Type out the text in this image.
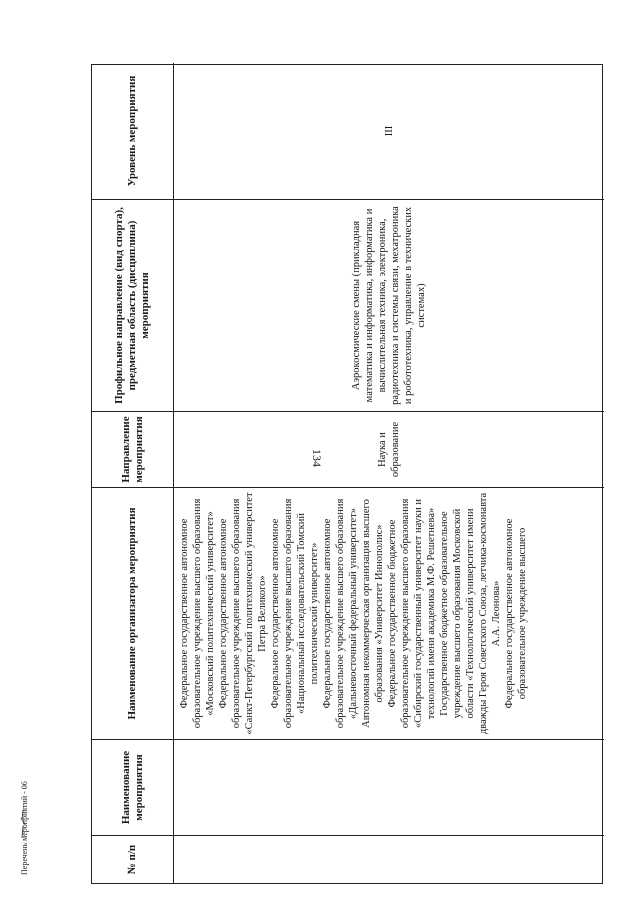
134
№ п/п
Наименование мероприятия
Наименование организатора мероприятия
Направление мероприятия
Профильное направление (вид спорта), предметная область (дисциплина) мероприятия
Уровень мероприятия
Федеральное государственное автономное образовательное учреждение высшего образования «Московский политехнический университет» Федеральное государственное автономное образовательное учреждение высшего образования «Санкт-Петербургский политехнический университет Петра Великого» Федеральное государственное автономное образовательное учреждение высшего образования «Национальный исследовательский Томский политехнический университет» Федеральное государственное автономное образовательное учреждение высшего образования «Дальневосточный федеральный университет» Автономная некоммерческая организация высшего образования «Университет Иннополис» Федеральное государственное бюджетное образовательное учреждение высшего образования «Сибирский государственный университет науки и технологий имени академика М.Ф. Решетнева» Государственное бюджетное образовательное учреждение высшего образования Московской области «Технологический университет имени дважды Героя Советского Союза, летчика-космонавта А.А. Леонова» Федеральное государственное автономное образовательное учреждение высшего
Наука и образование
Аэрокосмические смены (прикладная математика и информатика, информатика и вычислительная техника, электроника, радиотехника и системы связи, мехатроника и робототехника, управление в технических системах)
III
Перечень мероприятий - 06
